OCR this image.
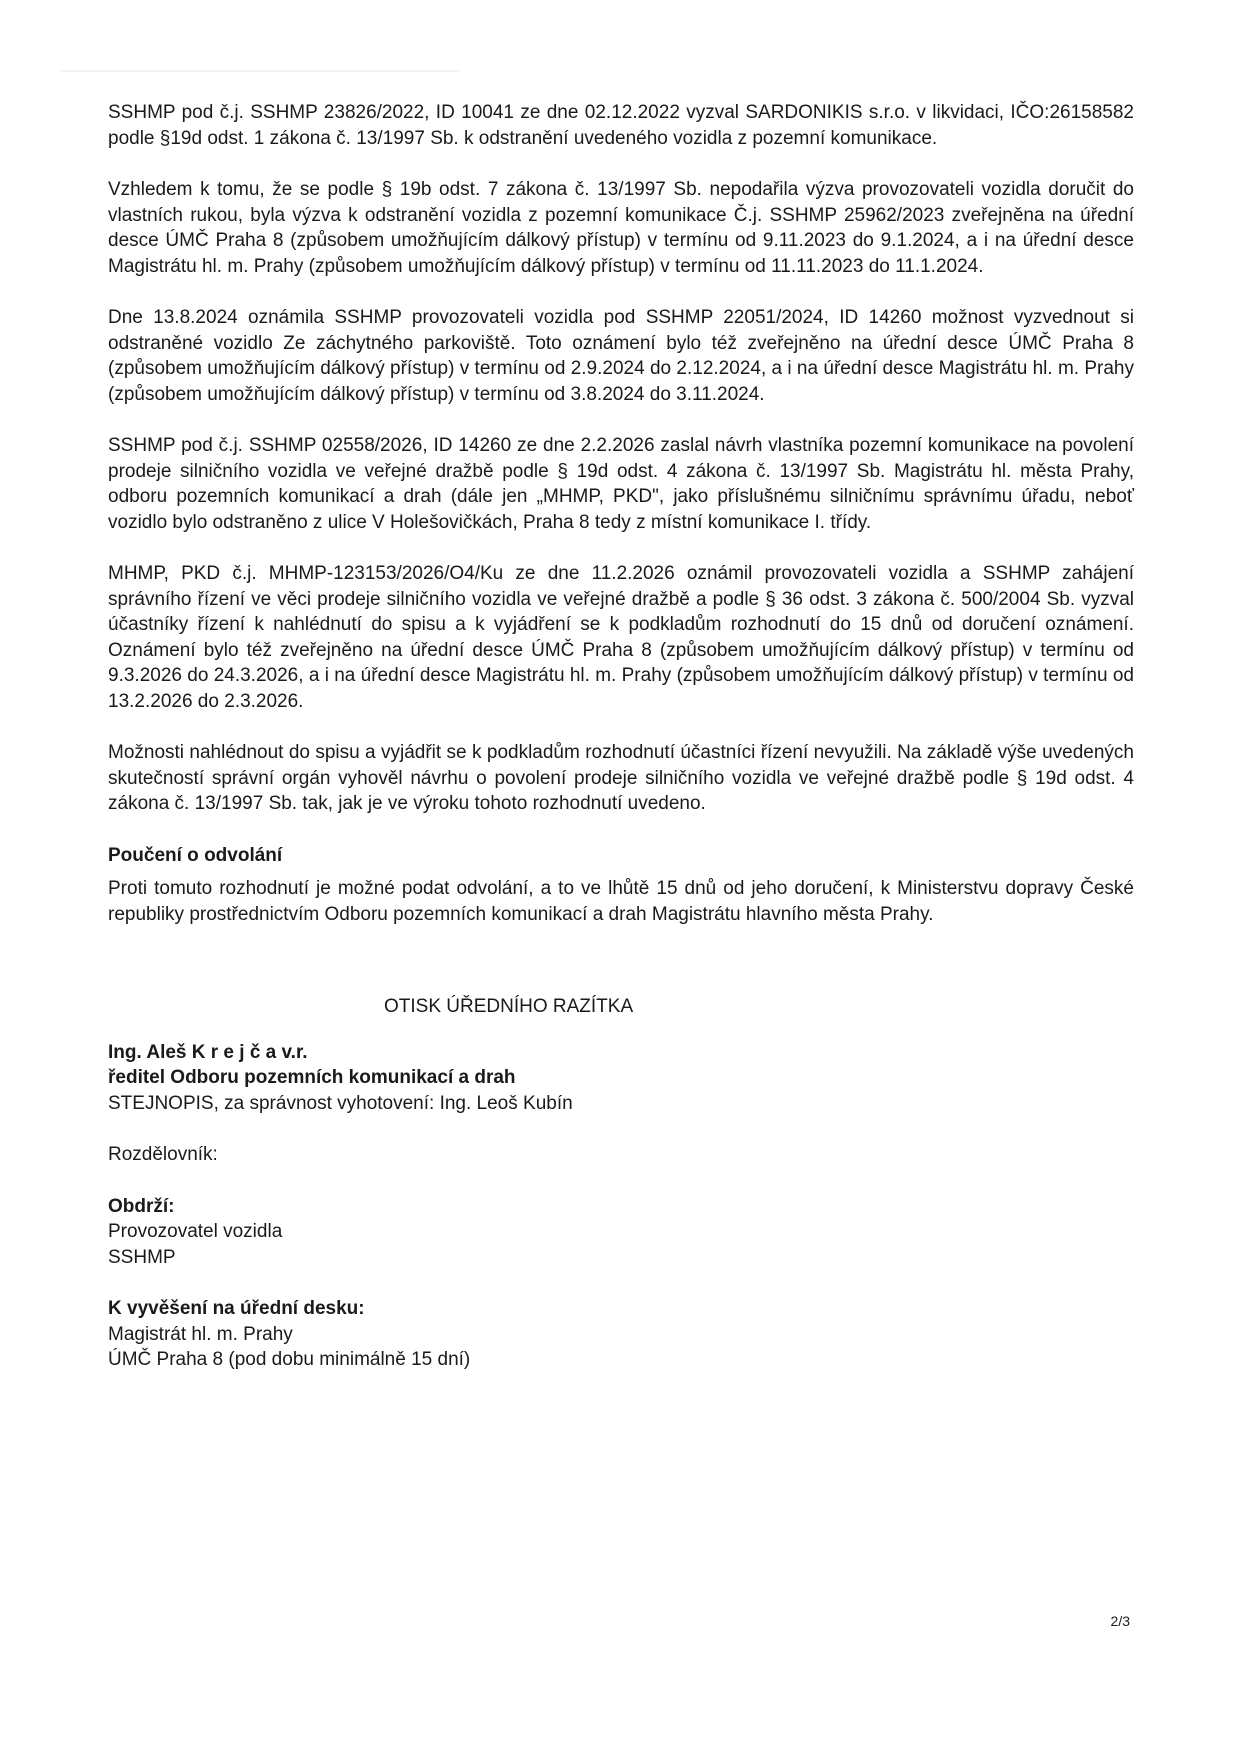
SSHMP pod č.j. SSHMP 23826/2022, ID 10041 ze dne 02.12.2022 vyzval SARDONIKIS s.r.o. v likvidaci, IČO:26158582 podle §19d odst. 1 zákona č. 13/1997 Sb. k odstranění uvedeného vozidla z pozemní komunikace.

Vzhledem k tomu, že se podle § 19b odst. 7 zákona č. 13/1997 Sb. nepodařila výzva provozovateli vozidla doručit do vlastních rukou, byla výzva k odstranění vozidla z pozemní komunikace Č.j. SSHMP 25962/2023 zveřejněna na úřední desce ÚMČ Praha 8 (způsobem umožňujícím dálkový přístup) v termínu od 9.11.2023 do 9.1.2024, a i na úřední desce Magistrátu hl. m. Prahy (způsobem umožňujícím dálkový přístup) v termínu od 11.11.2023 do 11.1.2024.

Dne 13.8.2024 oznámila SSHMP provozovateli vozidla pod SSHMP 22051/2024, ID 14260 možnost vyzvednout si odstraněné vozidlo Ze záchytného parkoviště. Toto oznámení bylo též zveřejněno na úřední desce ÚMČ Praha 8 (způsobem umožňujícím dálkový přístup) v termínu od 2.9.2024 do 2.12.2024, a i na úřední desce Magistrátu hl. m. Prahy (způsobem umožňujícím dálkový přístup) v termínu od 3.8.2024 do 3.11.2024.

SSHMP pod č.j. SSHMP 02558/2026, ID 14260 ze dne 2.2.2026 zaslal návrh vlastníka pozemní komunikace na povolení prodeje silničního vozidla ve veřejné dražbě podle § 19d odst. 4 zákona č. 13/1997 Sb. Magistrátu hl. města Prahy, odboru pozemních komunikací a drah (dále jen „MHMP, PKD", jako příslušnému silničnímu správnímu úřadu, neboť vozidlo bylo odstraněno z ulice V Holešovičkách, Praha 8 tedy z místní komunikace I. třídy.

MHMP, PKD č.j. MHMP-123153/2026/O4/Ku ze dne 11.2.2026 oznámil provozovateli vozidla a SSHMP zahájení správního řízení ve věci prodeje silničního vozidla ve veřejné dražbě a podle § 36 odst. 3 zákona č. 500/2004 Sb. vyzval účastníky řízení k nahlédnutí do spisu a k vyjádření se k podkladům rozhodnutí do 15 dnů od doručení oznámení. Oznámení bylo též zveřejněno na úřední desce ÚMČ Praha 8 (způsobem umožňujícím dálkový přístup) v termínu od 9.3.2026 do 24.3.2026, a i na úřední desce Magistrátu hl. m. Prahy (způsobem umožňujícím dálkový přístup) v termínu od 13.2.2026 do 2.3.2026.

Možnosti nahlédnout do spisu a vyjádřit se k podkladům rozhodnutí účastníci řízení nevyužili. Na základě výše uvedených skutečností správní orgán vyhověl návrhu o povolení prodeje silničního vozidla ve veřejné dražbě podle § 19d odst. 4 zákona č. 13/1997 Sb. tak, jak je ve výroku tohoto rozhodnutí uvedeno.

Poučení o odvolání

Proti tomuto rozhodnutí je možné podat odvolání, a to ve lhůtě 15 dnů od jeho doručení, k Ministerstvu dopravy České republiky prostřednictvím Odboru pozemních komunikací a drah Magistrátu hlavního města Prahy.

OTISK ÚŘEDNÍHO RAZÍTKA
Ing. Aleš K r e j č a v.r.
ředitel Odboru pozemních komunikací a drah
STEJNOPIS, za správnost vyhotovení: Ing. Leoš Kubín
Rozdělovník:
Obdrží:
Provozovatel vozidla
SSHMP
K vyvěšení na úřední desku:
Magistrát hl. m. Prahy
ÚMČ Praha 8 (pod dobu minimálně 15 dní)
2/3
